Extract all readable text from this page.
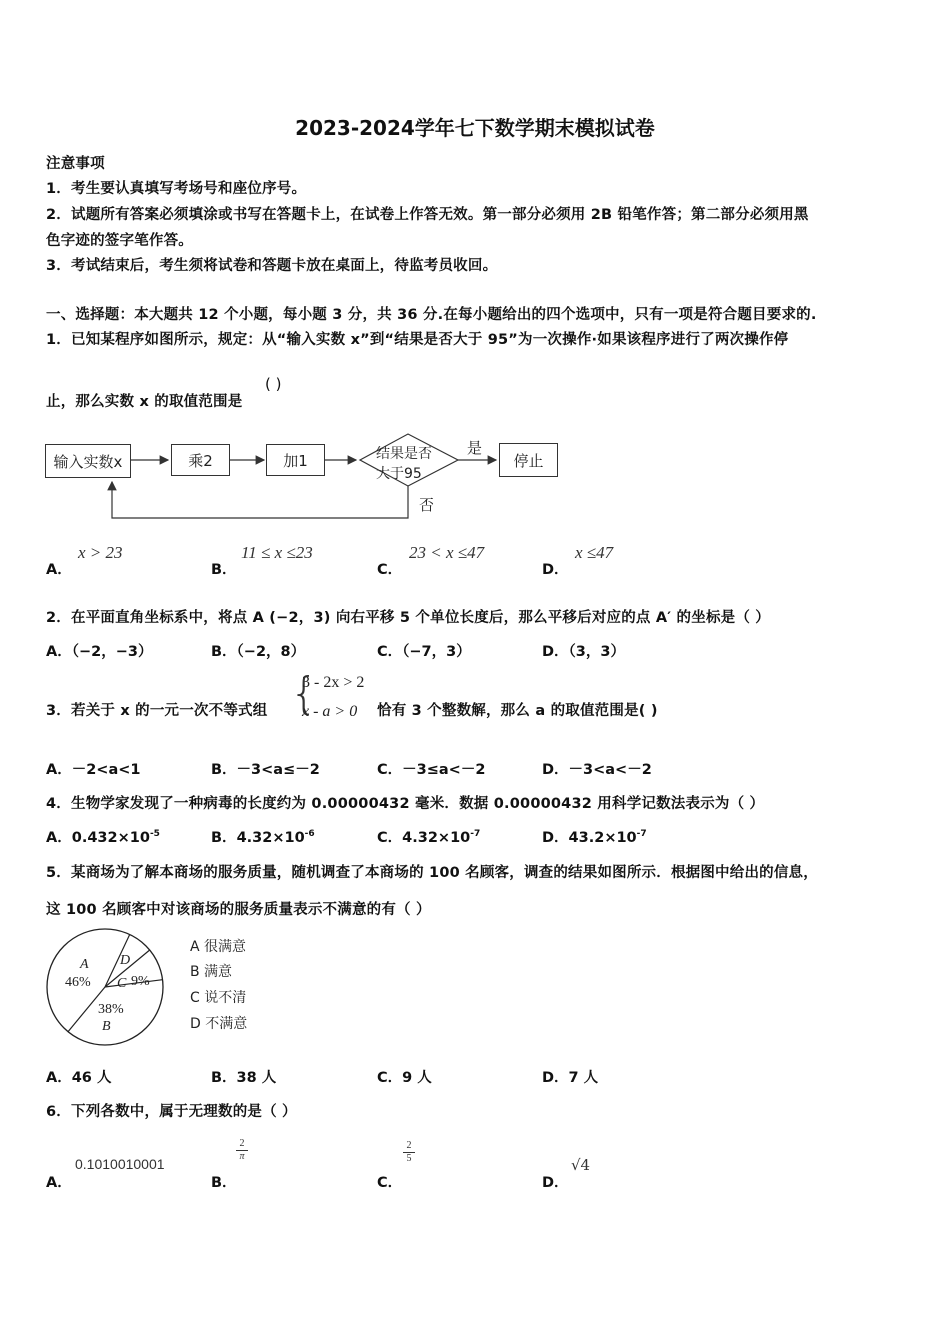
2023-2024学年七下数学期末模拟试卷
注意事项
1．考生要认真填写考场号和座位序号。
2．试题所有答案必须填涂或书写在答题卡上，在试卷上作答无效。第一部分必须用 2B 铅笔作答；第二部分必须用黑
色字迹的签字笔作答。
3．考试结束后，考生须将试卷和答题卡放在桌面上，待监考员收回。
一、选择题：本大题共 12 个小题，每小题 3 分，共 36 分.在每小题给出的四个选项中，只有一项是符合题目要求的.
1．已知某程序如图所示，规定：从“输入实数 x”到“结果是否大于 95”为一次操作·如果该程序进行了两次操作停
止，那么实数 x 的取值范围是
( )
输入实数x	乘2	加1	结果是否
大于95
是
否
停止
A．
x > 23
B．
11 ≤ x ≤23
C．
23 < x ≤47
D．
x ≤47
2．在平面直角坐标系中，将点 A (−2，3) 向右平移 5 个单位长度后，那么平移后对应的点 A′ 的坐标是（ ）
A．（−2，−3）	B．（−2，8）	C．（−7，3）	D．（3，3）
3．若关于 x 的一元一次不等式组 {
3 - 2x > 2
x - a > 0 恰有 3 个整数解，那么 a 的取值范围是( )
A．－2<a<1	B．－3<a≤－2	C．－3≤a<－2	D．－3<a<－2
4．生物学家发现了一种病毒的长度约为 0.00000432 毫米．数据 0.00000432 用科学记数法表示为（ ）
A．$0.432\times 10^{-5}$	B．$4.32\times 10^{-6}$	C．$4.32\times 10^{-7}$	D．$43.2\times 10^{-7}$
5．某商场为了解本商场的服务质量，随机调查了本商场的 100 名顾客，调查的结果如图所示．根据图中给出的信息，
这 100 名顾客中对该商场的服务质量表示不满意的有（ ）
A
46%
D
C 9%
38%
B
A 很满意
B 满意
C 说不清
D 不满意
A．46 人	B．38 人	C．9 人	D．7 人
6．下列各数中，属于无理数的是（ ）
A．
0.1010010001
B．
2
π
C．
2
5
D．
√4
